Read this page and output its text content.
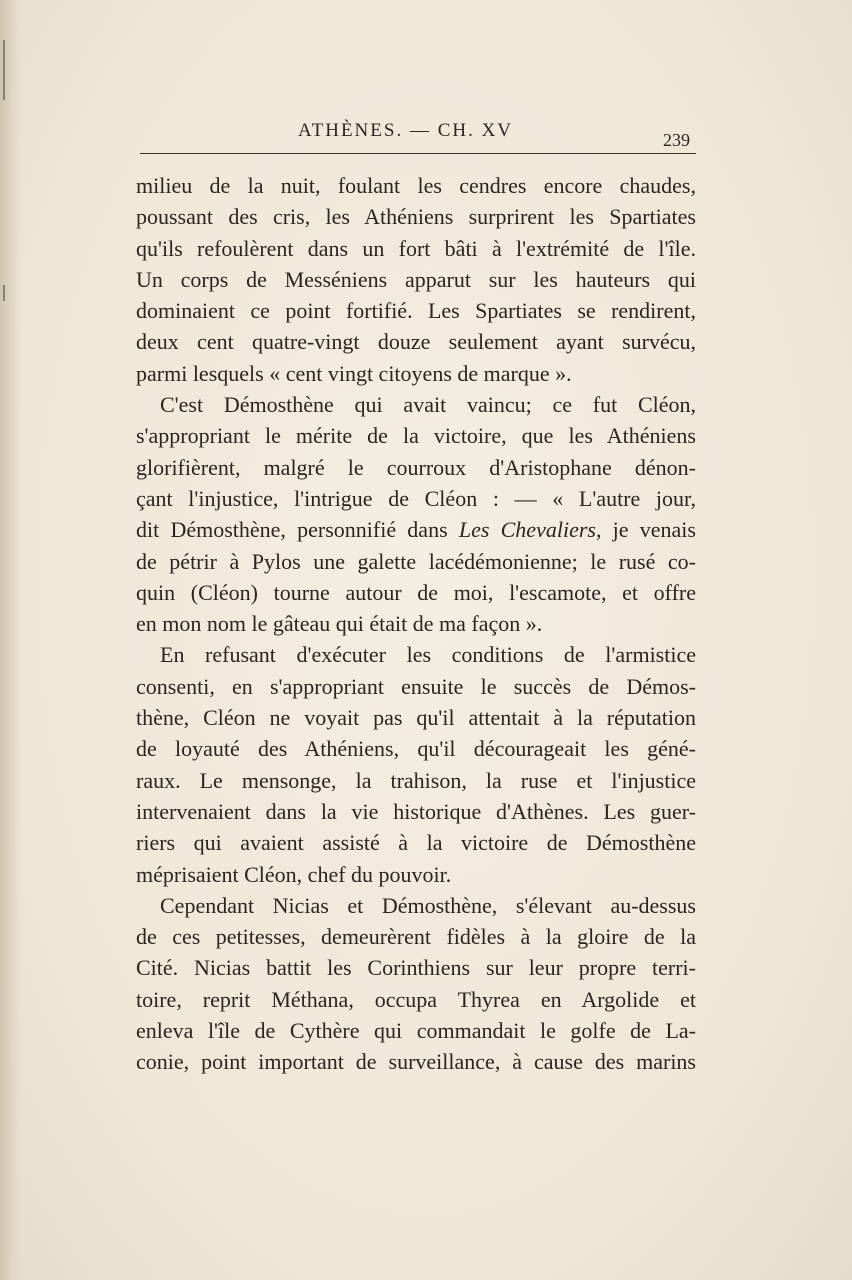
ATHÈNES. — CH. XV	239
milieu de la nuit, foulant les cendres encore chaudes,
poussant des cris, les Athéniens surprirent les Spartiates
qu'ils refoulèrent dans un fort bâti à l'extrémité de l'île.
Un corps de Messéniens apparut sur les hauteurs qui
dominaient ce point fortifié. Les Spartiates se rendirent,
deux cent quatre-vingt douze seulement ayant survécu,
parmi lesquels « cent vingt citoyens de marque ».
C'est Démosthène qui avait vaincu; ce fut Cléon,
s'appropriant le mérite de la victoire, que les Athéniens
glorifièrent, malgré le courroux d'Aristophane dénon-
çant l'injustice, l'intrigue de Cléon : — « L'autre jour,
dit Démosthène, personnifié dans Les Chevaliers, je venais
de pétrir à Pylos une galette lacédémonienne; le rusé co-
quin (Cléon) tourne autour de moi, l'escamote, et offre
en mon nom le gâteau qui était de ma façon ».
En refusant d'exécuter les conditions de l'armistice
consenti, en s'appropriant ensuite le succès de Démos-
thène, Cléon ne voyait pas qu'il attentait à la réputation
de loyauté des Athéniens, qu'il décourageait les géné-
raux. Le mensonge, la trahison, la ruse et l'injustice
intervenaient dans la vie historique d'Athènes. Les guer-
riers qui avaient assisté à la victoire de Démosthène
méprisaient Cléon, chef du pouvoir.
Cependant Nicias et Démosthène, s'élevant au-dessus
de ces petitesses, demeurèrent fidèles à la gloire de la
Cité. Nicias battit les Corinthiens sur leur propre terri-
toire, reprit Méthana, occupa Thyrea en Argolide et
enleva l'île de Cythère qui commandait le golfe de La-
conie, point important de surveillance, à cause des marins
